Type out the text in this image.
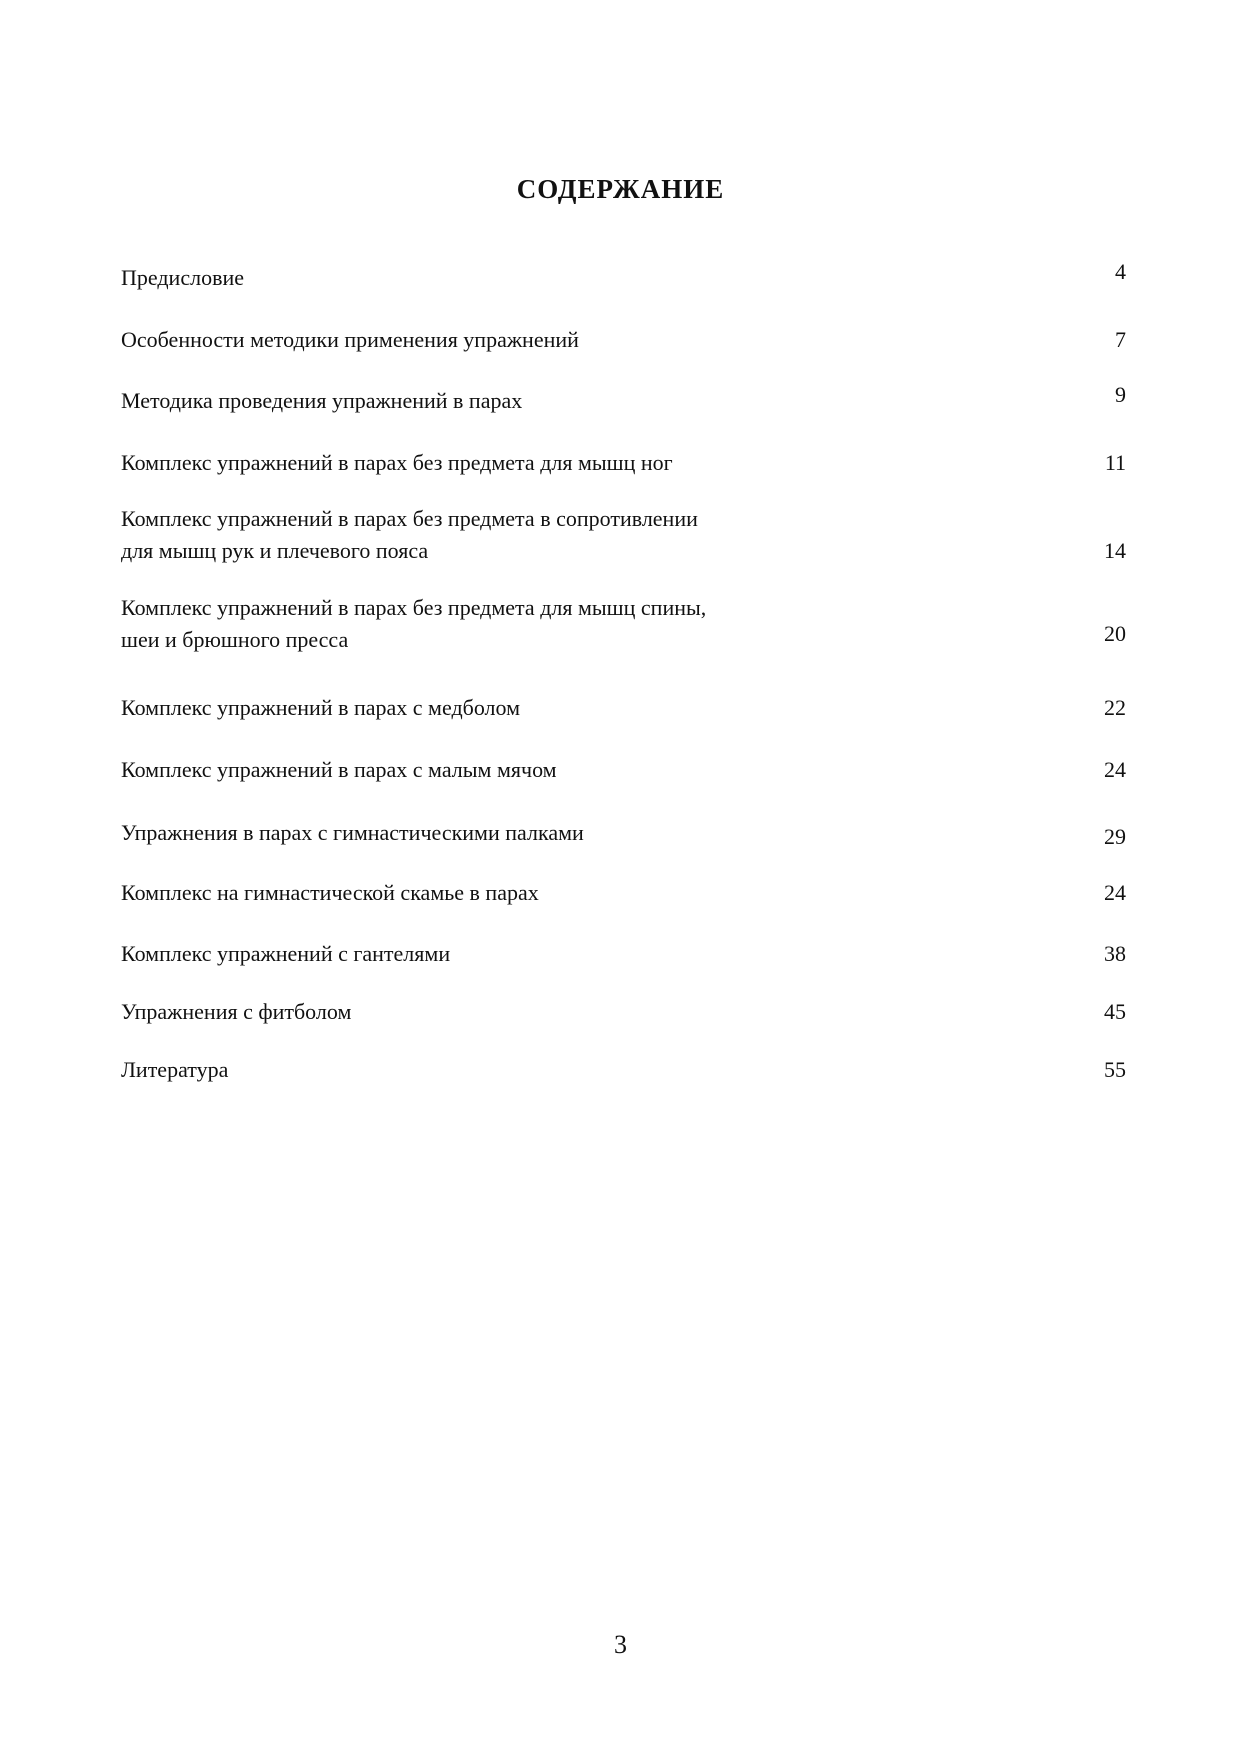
СОДЕРЖАНИЕ
Предисловие .....	4
Особенности методики применения упражнений .....	7
Методика проведения упражнений в парах .....	9
Комплекс упражнений в парах без предмета для мышц ног .....	11
Комплекс упражнений в парах без предмета в сопротивлении
для мышц рук и плечевого пояса .....	14
Комплекс упражнений в парах без предмета для мышц спины,
шеи и брюшного пресса .....	20
Комплекс упражнений в парах с медболом .....	22
Комплекс упражнений в парах с малым мячом .....	24
Упражнения в парах с гимнастическими палками .....	29
Комплекс на гимнастической скамье в парах .....	24
Комплекс упражнений с гантелями .....	38
Упражнения с фитболом .....	45
Литература .....	55
3
